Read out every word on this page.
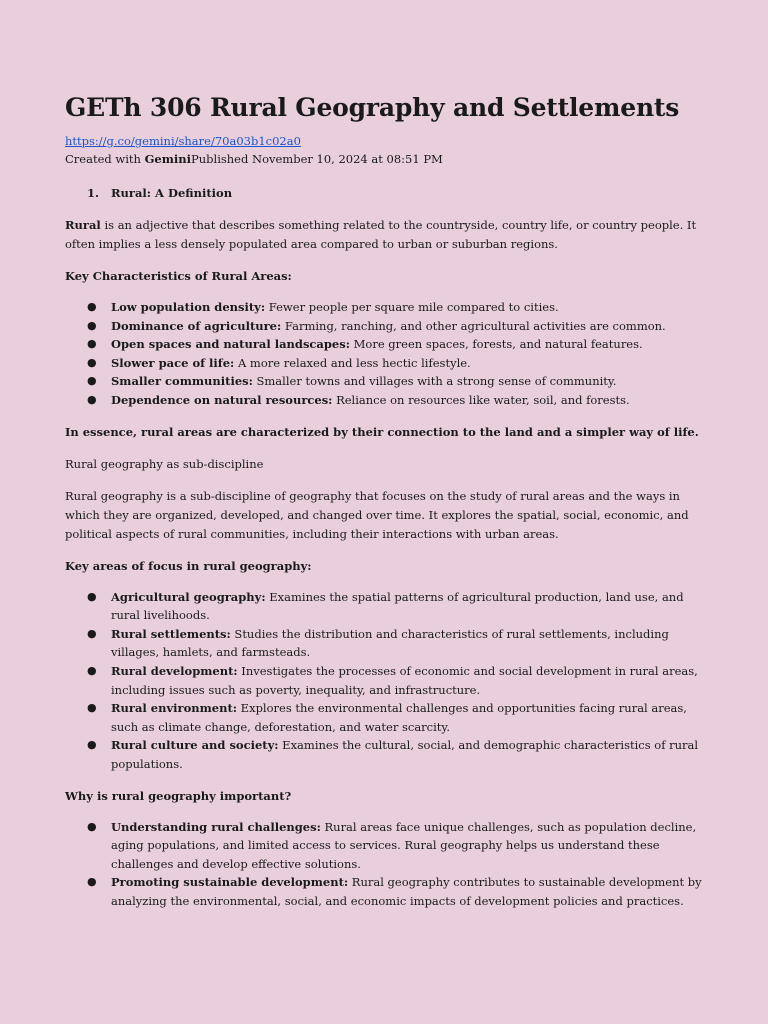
GETh 306 Rural Geography and Settlements
https://g.co/gemini/share/70a03b1c02a0
Created with GeminiPublished November 10, 2024 at 08:51 PM
1. Rural: A Definition

Rural is an adjective that describes something related to the countryside, country life, or country people. It often implies a less densely populated area compared to urban or suburban regions.

Key Characteristics of Rural Areas:

● Low population density: Fewer people per square mile compared to cities.
● Dominance of agriculture: Farming, ranching, and other agricultural activities are common.
● Open spaces and natural landscapes: More green spaces, forests, and natural features.
● Slower pace of life: A more relaxed and less hectic lifestyle.
● Smaller communities: Smaller towns and villages with a strong sense of community.
● Dependence on natural resources: Reliance on resources like water, soil, and forests.

In essence, rural areas are characterized by their connection to the land and a simpler way of life.

Rural geography as sub-discipline

Rural geography is a sub-discipline of geography that focuses on the study of rural areas and the ways in which they are organized, developed, and changed over time. It explores the spatial, social, economic, and political aspects of rural communities, including their interactions with urban areas.

Key areas of focus in rural geography:

● Agricultural geography: Examines the spatial patterns of agricultural production, land use, and rural livelihoods.
● Rural settlements: Studies the distribution and characteristics of rural settlements, including villages, hamlets, and farmsteads.
● Rural development: Investigates the processes of economic and social development in rural areas, including issues such as poverty, inequality, and infrastructure.
● Rural environment: Explores the environmental challenges and opportunities facing rural areas, such as climate change, deforestation, and water scarcity.
● Rural culture and society: Examines the cultural, social, and demographic characteristics of rural populations.

Why is rural geography important?

● Understanding rural challenges: Rural areas face unique challenges, such as population decline, aging populations, and limited access to services. Rural geography helps us understand these challenges and develop effective solutions.
● Promoting sustainable development: Rural geography contributes to sustainable development by analyzing the environmental, social, and economic impacts of development policies and practices.
